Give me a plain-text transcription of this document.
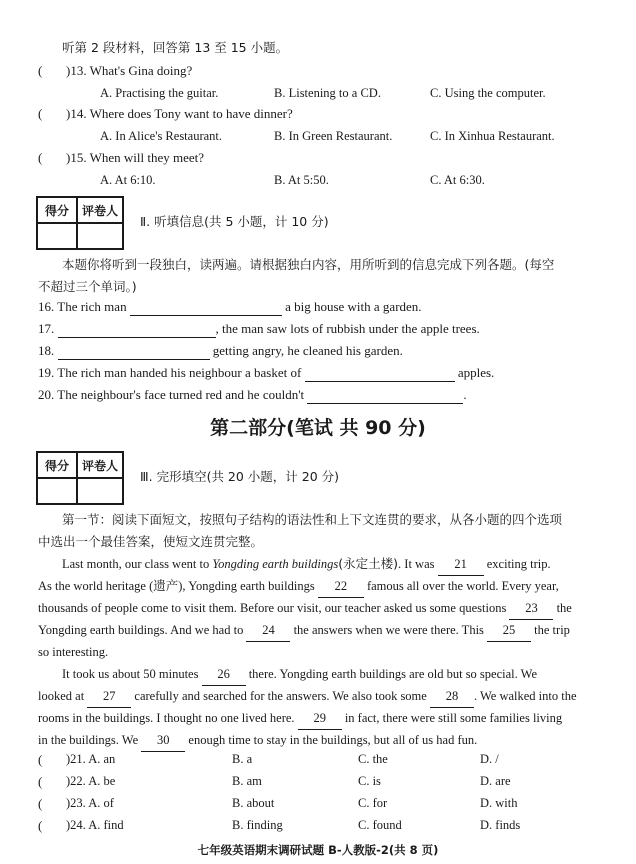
听第 2 段材料，回答第 13 至 15 小题。
( )13. What's Gina doing?
A. Practising the guitar.	B. Listening to a CD.	C. Using the computer.
( )14. Where does Tony want to have dinner?
A. In Alice's Restaurant.	B. In Green Restaurant.	C. In Xinhua Restaurant.
( )15. When will they meet?
A. At 6:10.	B. At 5:50.	C. At 6:30.
得分	评卷人
Ⅱ. 听填信息(共 5 小题，计 10 分)
本题你将听到一段独白，读两遍。请根据独白内容，用所听到的信息完成下列各题。(每空
不超过三个单词。)
16. The rich man	a big house with a garden.
17.	, the man saw lots of rubbish under the apple trees.
18.	getting angry, he cleaned his garden.
19. The rich man handed his neighbour a basket of	apples.
20. The neighbour's face turned red and he couldn't	.
第二部分(笔试 共 90 分)
得分	评卷人
Ⅲ. 完形填空(共 20 小题，计 20 分)
第一节：阅读下面短文，按照句子结构的语法性和上下文连贯的要求，从各小题的四个选项
中选出一个最佳答案，使短文连贯完整。
Last month, our class went to Yongding earth buildings(永定土楼). It was 21 exciting trip.
As the world heritage (遗产), Yongding earth buildings 22 famous all over the world. Every year,
thousands of people come to visit them. Before our visit, our teacher asked us some questions 23 the
Yongding earth buildings. And we had to 24 the answers when we were there. This 25 the trip
so interesting.
It took us about 50 minutes 26 there. Yongding earth buildings are old but so special. We
looked at 27 carefully and searched for the answers. We also took some 28 . We walked into the
rooms in the buildings. I thought no one lived here. 29 in fact, there were still some families living
in the buildings. We 30 enough time to stay in the buildings, but all of us had fun.
( )21. A. an	B. a	C. the	D. /
( )22. A. be	B. am	C. is	D. are
( )23. A. of	B. about	C. for	D. with
( )24. A. find	B. finding	C. found	D. finds
七年级英语期末调研试题 B-人教版-2(共 8 页)
